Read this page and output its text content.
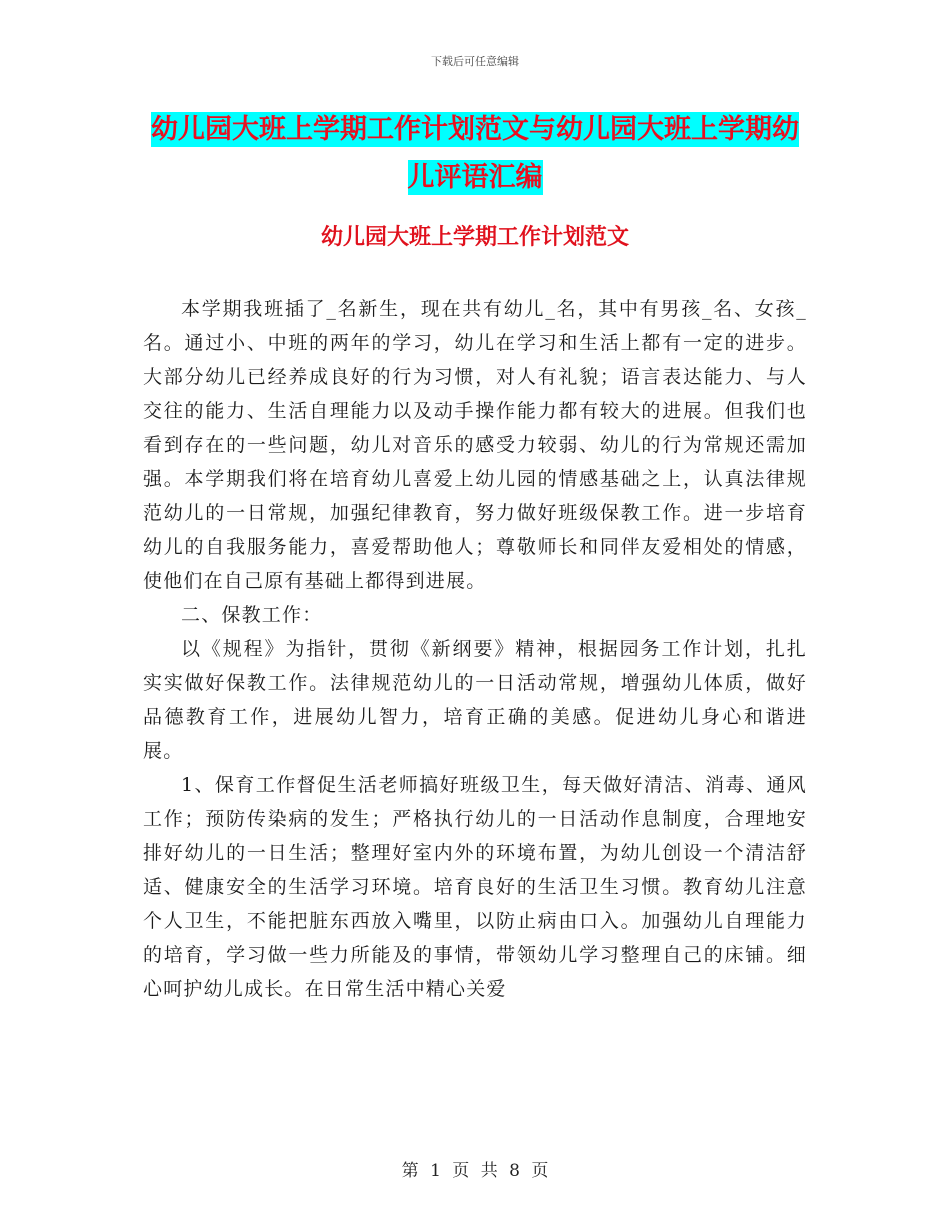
下载后可任意编辑
幼儿园大班上学期工作计划范文与幼儿园大班上学期幼儿评语汇编
幼儿园大班上学期工作计划范文

本学期我班插了_名新生，现在共有幼儿_名，其中有男孩_名、女孩_名。通过小、中班的两年的学习，幼儿在学习和生活上都有一定的进步。大部分幼儿已经养成良好的行为习惯，对人有礼貌；语言表达能力、与人交往的能力、生活自理能力以及动手操作能力都有较大的进展。但我们也看到存在的一些问题，幼儿对音乐的感受力较弱、幼儿的行为常规还需加强。本学期我们将在培育幼儿喜爱上幼儿园的情感基础之上，认真法律规范幼儿的一日常规，加强纪律教育，努力做好班级保教工作。进一步培育幼儿的自我服务能力，喜爱帮助他人；尊敬师长和同伴友爱相处的情感，使他们在自己原有基础上都得到进展。

二、保教工作：

以《规程》为指针，贯彻《新纲要》精神，根据园务工作计划，扎扎实实做好保教工作。法律规范幼儿的一日活动常规，增强幼儿体质，做好品德教育工作，进展幼儿智力，培育正确的美感。促进幼儿身心和谐进展。

1、保育工作督促生活老师搞好班级卫生，每天做好清洁、消毒、通风工作；预防传染病的发生；严格执行幼儿的一日活动作息制度，合理地安排好幼儿的一日生活；整理好室内外的环境布置，为幼儿创设一个清洁舒适、健康安全的生活学习环境。培育良好的生活卫生习惯。教育幼儿注意个人卫生，不能把脏东西放入嘴里，以防止病由口入。加强幼儿自理能力的培育，学习做一些力所能及的事情，带领幼儿学习整理自己的床铺。细心呵护幼儿成长。在日常生活中精心关爱

第 1 页 共 8 页
